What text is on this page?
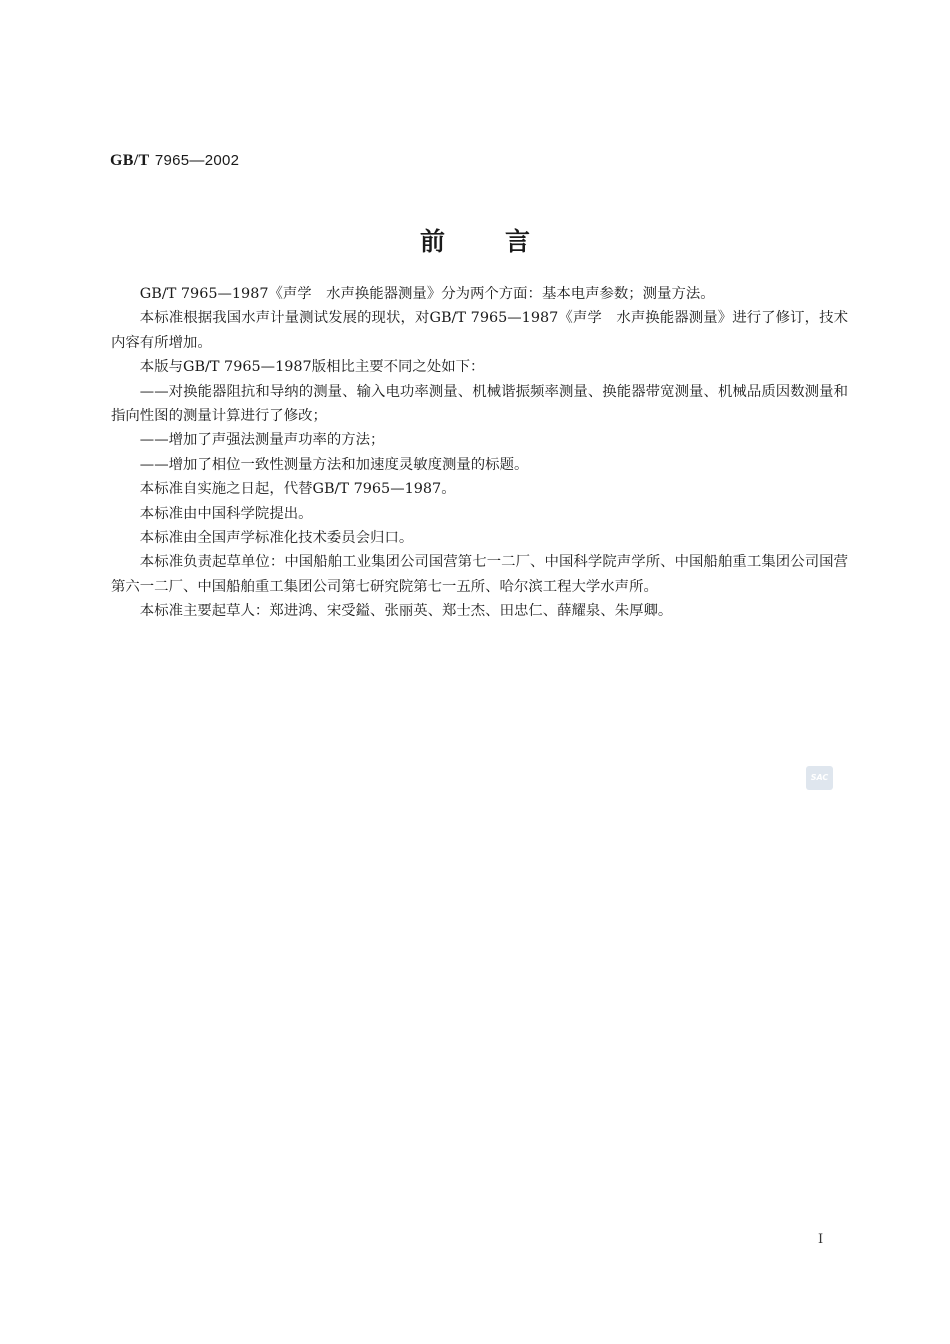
GB/T 7965—2002
前言

GB/T 7965—1987《声学　水声换能器测量》分为两个方面：基本电声参数；测量方法。

本标准根据我国水声计量测试发展的现状，对GB/T 7965—1987《声学　水声换能器测量》进行了修订，技术内容有所增加。

本版与GB/T 7965—1987版相比主要不同之处如下：

——对换能器阻抗和导纳的测量、输入电功率测量、机械谐振频率测量、换能器带宽测量、机械品质因数测量和指向性图的测量计算进行了修改；

——增加了声强法测量声功率的方法；

——增加了相位一致性测量方法和加速度灵敏度测量的标题。

本标准自实施之日起，代替GB/T 7965—1987。

本标准由中国科学院提出。

本标准由全国声学标准化技术委员会归口。

本标准负责起草单位：中国船舶工业集团公司国营第七一二厂、中国科学院声学所、中国船舶重工集团公司国营第六一二厂、中国船舶重工集团公司第七研究院第七一五所、哈尔滨工程大学水声所。

本标准主要起草人：郑进鸿、宋受鎰、张丽英、郑士杰、田忠仁、薛耀泉、朱厚卿。

SAC
I
